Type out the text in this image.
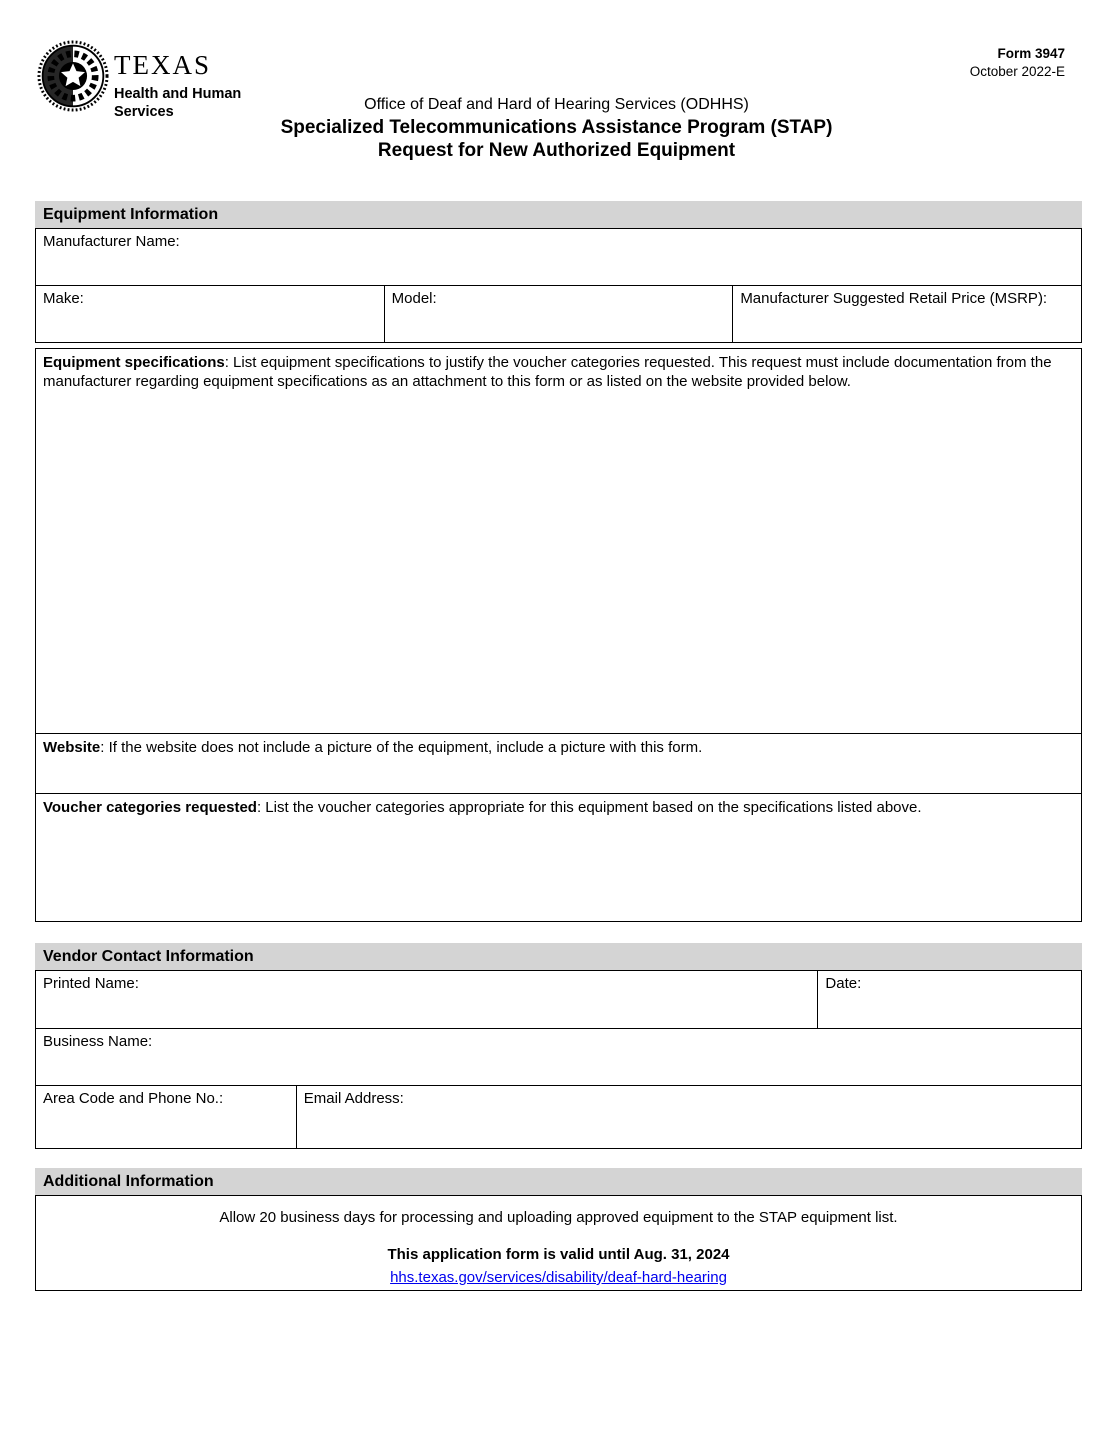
TEXAS
Health and Human
Services
Form 3947
October 2022-E
Office of Deaf and Hard of Hearing Services (ODHHS)
Specialized Telecommunications Assistance Program (STAP)
Request for New Authorized Equipment
Equipment Information
Manufacturer Name:
Make:	Model:	Manufacturer Suggested Retail Price (MSRP):
Equipment specifications: List equipment specifications to justify the voucher categories requested. This request must include documentation from the manufacturer regarding equipment specifications as an attachment to this form or as listed on the website provided below.
Website: If the website does not include a picture of the equipment, include a picture with this form.
Voucher categories requested: List the voucher categories appropriate for this equipment based on the specifications listed above.
Vendor Contact Information
Printed Name:		Date:
Business Name:		
Area Code and Phone No.:	Email Address:	
Additional Information
Allow 20 business days for processing and uploading approved equipment to the STAP equipment list.
This application form is valid until Aug. 31, 2024
hhs.texas.gov/services/disability/deaf-hard-hearing
